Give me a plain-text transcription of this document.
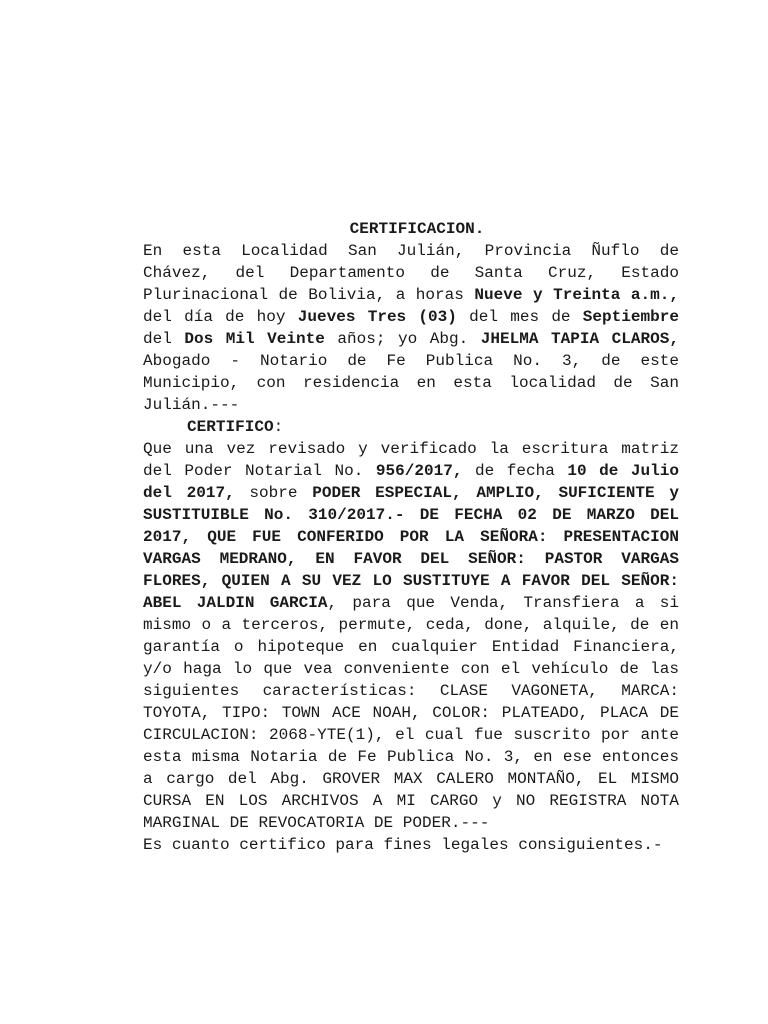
CERTIFICACION.

En esta Localidad San Julián, Provincia Ñuflo de Chávez, del Departamento de Santa Cruz, Estado Plurinacional de Bolivia, a horas Nueve y Treinta a.m., del día de hoy Jueves Tres (03) del mes de Septiembre del Dos Mil Veinte años; yo Abg. JHELMA TAPIA CLAROS, Abogado - Notario de Fe Publica No. 3, de este Municipio, con residencia en esta localidad de San Julián.---

CERTIFICO:

Que una vez revisado y verificado la escritura matriz del Poder Notarial No. 956/2017, de fecha 10 de Julio del 2017, sobre PODER ESPECIAL, AMPLIO, SUFICIENTE y SUSTITUIBLE No. 310/2017.- DE FECHA 02 DE MARZO DEL 2017, QUE FUE CONFERIDO POR LA SEÑORA: PRESENTACION VARGAS MEDRANO, EN FAVOR DEL SEÑOR: PASTOR VARGAS FLORES, QUIEN A SU VEZ LO SUSTITUYE A FAVOR DEL SEÑOR: ABEL JALDIN GARCIA, para que Venda, Transfiera a si mismo o a terceros, permute, ceda, done, alquile, de en garantía o hipoteque en cualquier Entidad Financiera, y/o haga lo que vea conveniente con el vehículo de las siguientes características: CLASE VAGONETA, MARCA: TOYOTA, TIPO: TOWN ACE NOAH, COLOR: PLATEADO, PLACA DE CIRCULACION: 2068-YTE(1), el cual fue suscrito por ante esta misma Notaria de Fe Publica No. 3, en ese entonces a cargo del Abg. GROVER MAX CALERO MONTAÑO, EL MISMO CURSA EN LOS ARCHIVOS A MI CARGO y NO REGISTRA NOTA MARGINAL DE REVOCATORIA DE PODER.---

Es cuanto certifico para fines legales consiguientes.-
